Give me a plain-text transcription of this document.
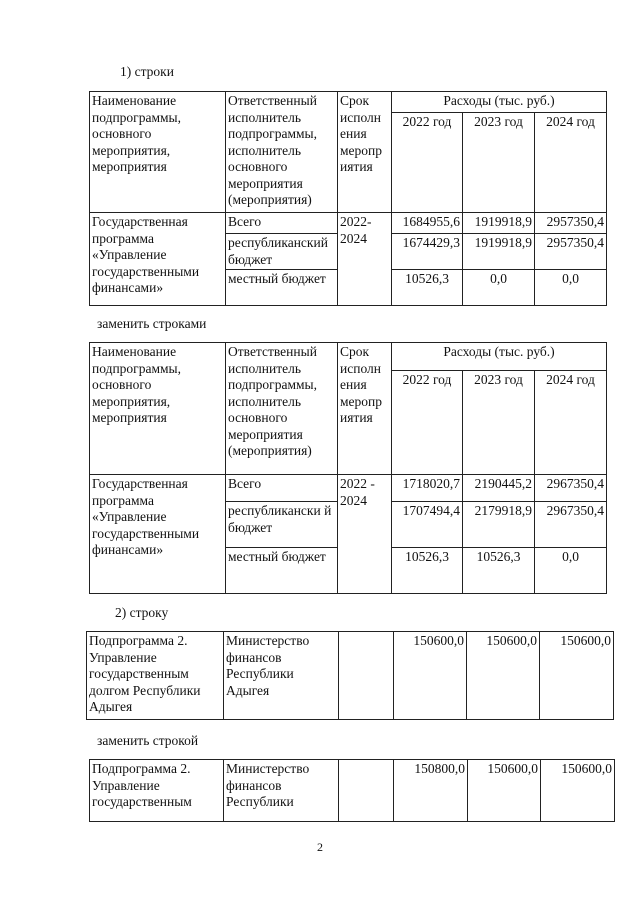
1) строки
Наименование подпрограммы, основного мероприятия, мероприятия	Ответственный исполнитель подпрограммы, исполнитель основного мероприятия (мероприятия)	Срок исполн ения меропр иятия	Расходы (тыс. руб.)		
			2022 год	2023 год	2024 год
Государственная программа «Управление государственными финансами»	Всего	2022-2024	1684955,6	1919918,9	2957350,4
	республиканский бюджет		1674429,3	1919918,9	2957350,4
	местный бюджет		10526,3	0,0	0,0
заменить строками
Наименование подпрограммы, основного мероприятия, мероприятия	Ответственный исполнитель подпрограммы, исполнитель основного мероприятия (мероприятия)	Срок исполн ения меропр иятия	Расходы (тыс. руб.)		
			2022 год	2023 год	2024 год
Государственная программа «Управление государственными финансами»	Всего	2022 - 2024	1718020,7	2190445,2	2967350,4
	республикански й бюджет		1707494,4	2179918,9	2967350,4
	местный бюджет		10526,3	10526,3	0,0
2) строку
Подпрограмма 2. Управление государственным долгом Республики Адыгея	Министерство финансов Республики Адыгея		150600,0	150600,0	150600,0
заменить строкой
Подпрограмма 2. Управление государственным	Министерство финансов Республики		150800,0	150600,0	150600,0
2
